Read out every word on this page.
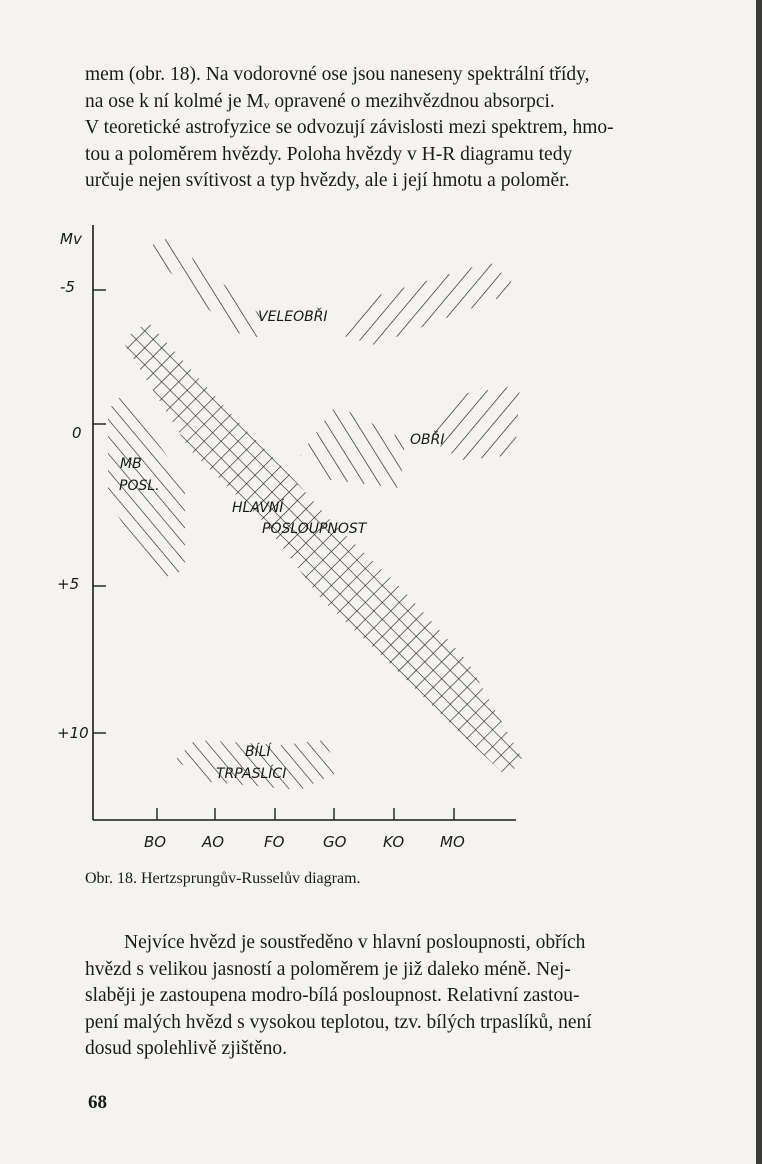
mem (obr. 18). Na vodorovné ose jsou naneseny spektrální třídy,
na ose k ní kolmé je Mᵥ opravené o mezihvězdnou absorpci.
V teoretické astrofyzice se odvozují závislosti mezi spektrem, hmo-
tou a poloměrem hvězdy. Poloha hvězdy v H-R diagramu tedy
určuje nejen svítivost a typ hvězdy, ale i její hmotu a poloměr.
Mv
-5
0
+5
+10
BO AO	FO	GO KO MO
VELEOBŘI
OBŘI
MB
POSL.
HLAVNÍ
POSLOUPNOST
BÍLÍ
TRPASLÍCI
Obr. 18. Hertzsprungův-Russelův diagram.
Nejvíce hvězd je soustředěno v hlavní posloupnosti, obřích
hvězd s velikou jasností a poloměrem je již daleko méně. Nej-
slaběji je zastoupena modro-bílá posloupnost. Relativní zastou-
pení malých hvězd s vysokou teplotou, tzv. bílých trpaslíků, není
dosud spolehlivě zjištěno.
68
